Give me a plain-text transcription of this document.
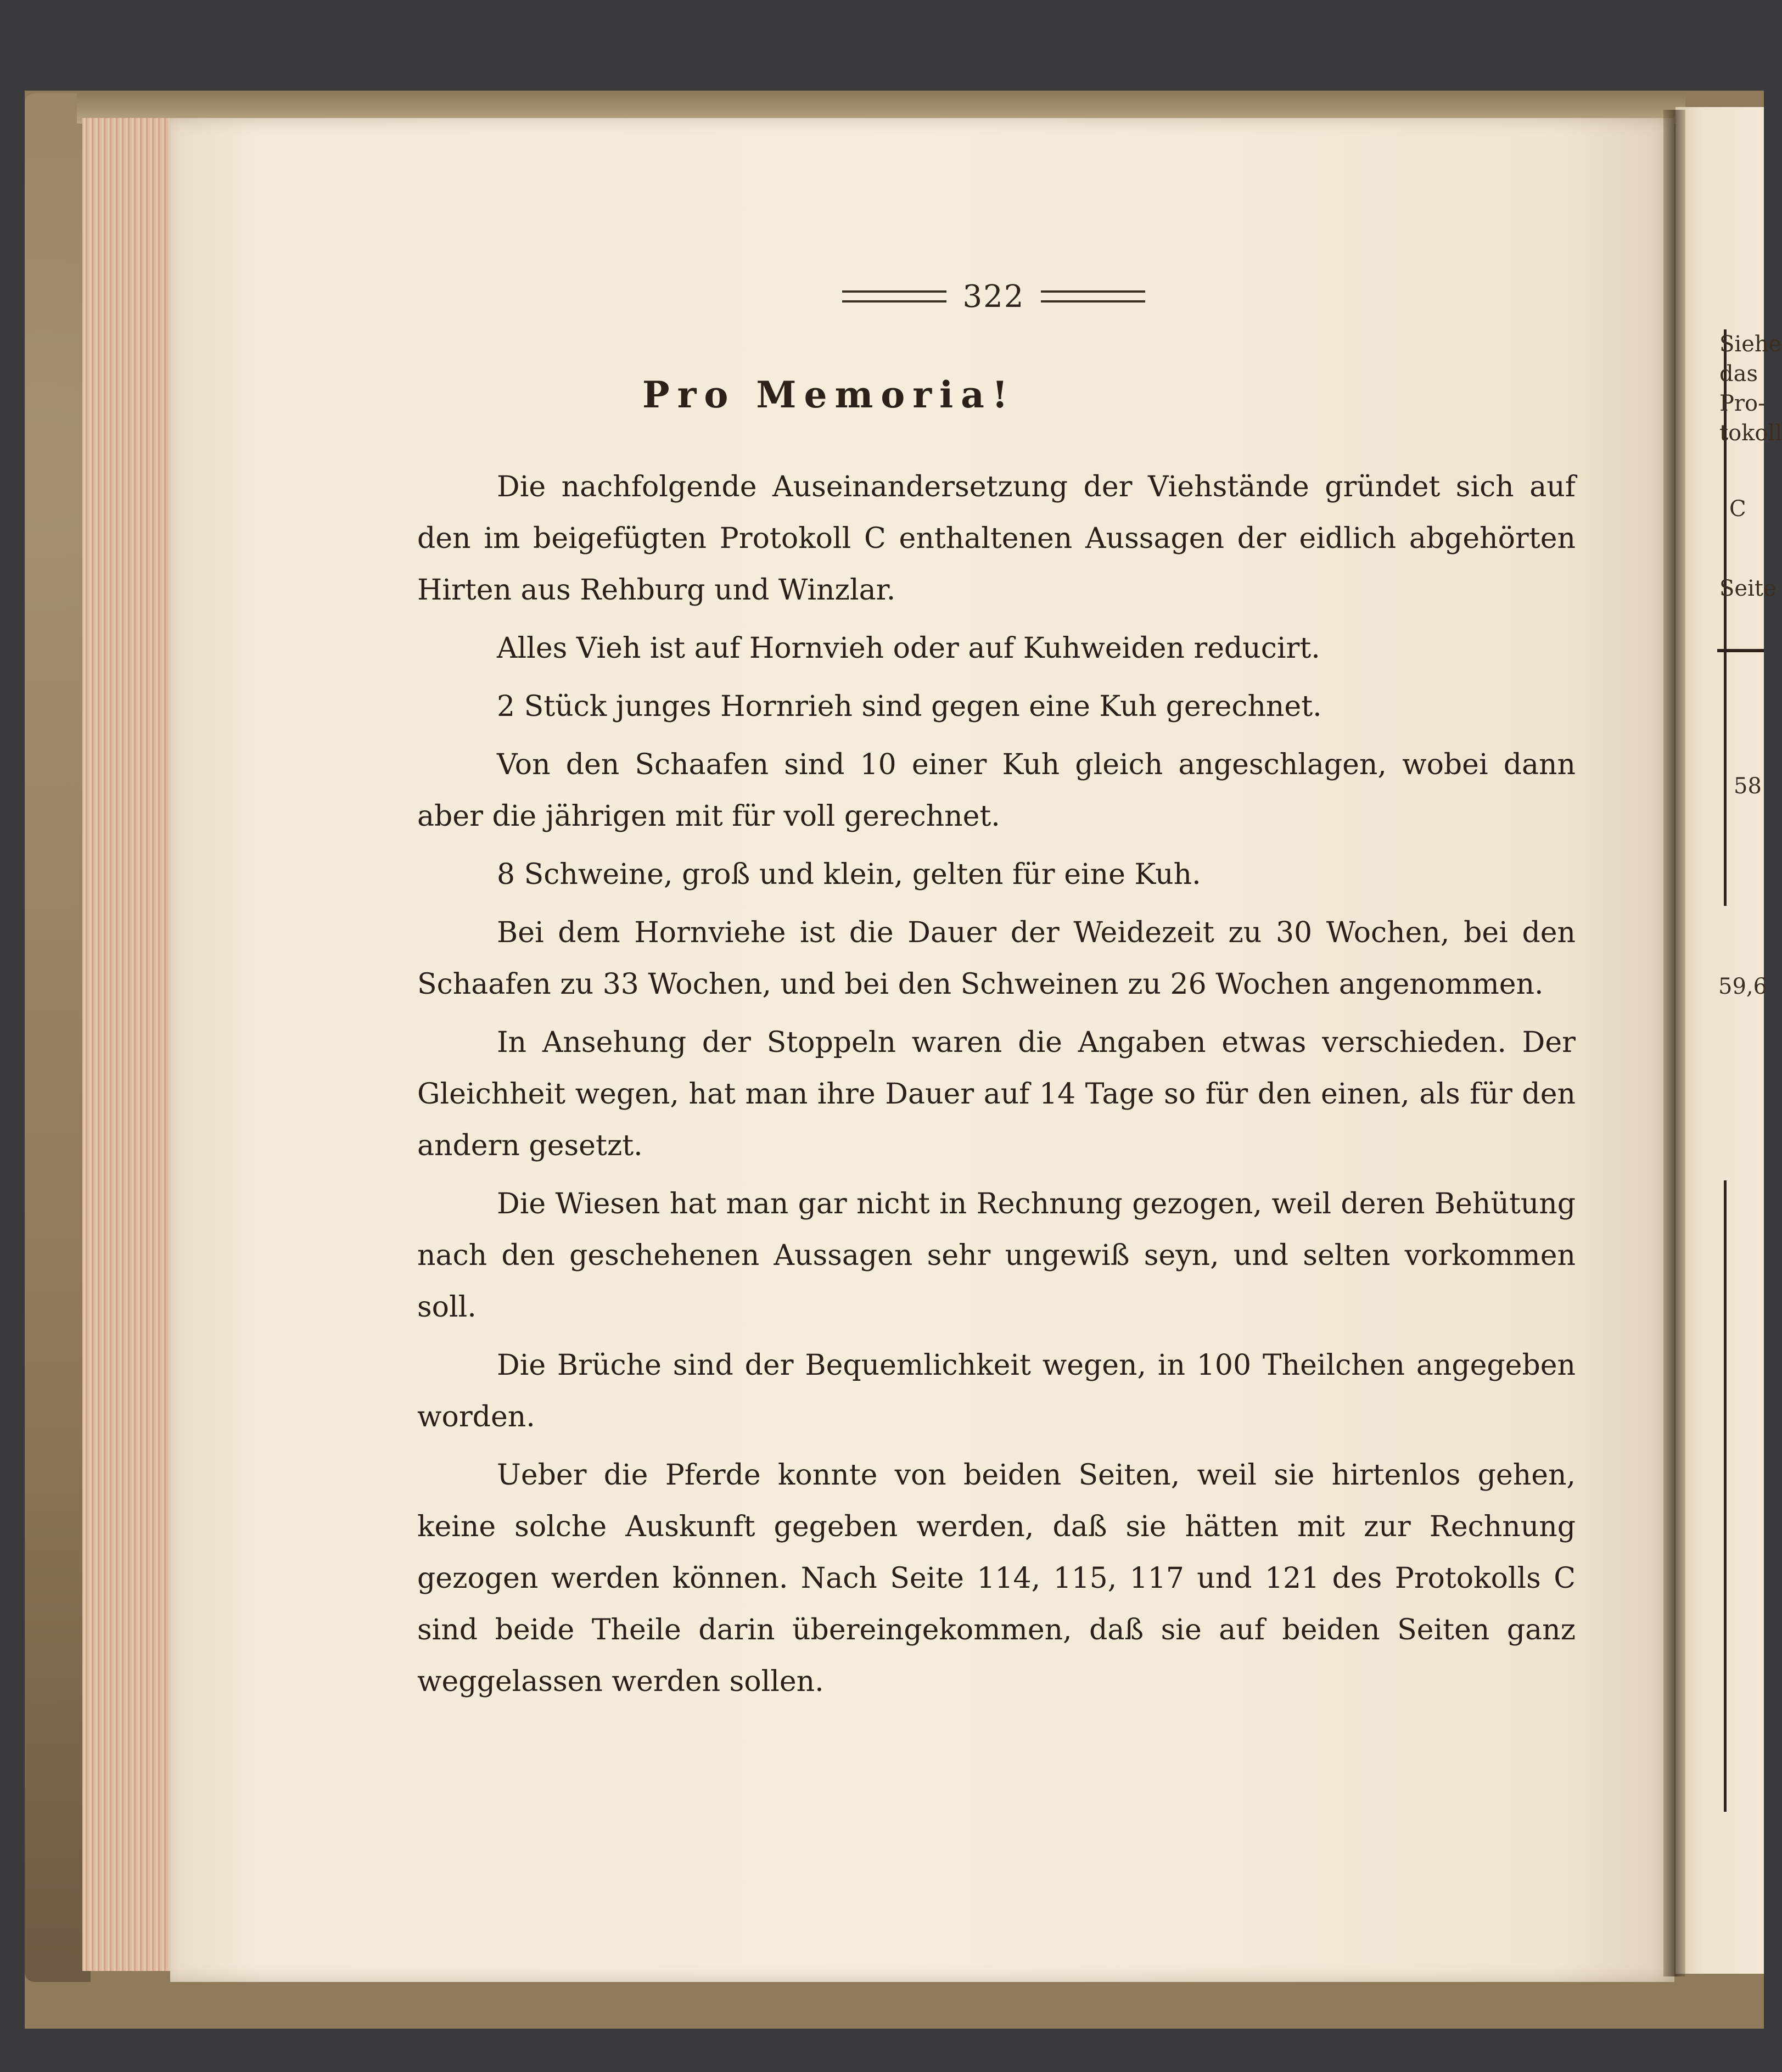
322
Pro Memoria!

Die nachfolgende Auseinandersetzung der Viehstände gründet sich auf den im beigefügten Protokoll C enthaltenen Aussagen der eidlich abgehörten Hirten aus Rehburg und Winzlar.

Alles Vieh ist auf Hornvieh oder auf Kuhweiden reducirt.

2 Stück junges Hornrieh sind gegen eine Kuh gerechnet.

Von den Schaafen sind 10 einer Kuh gleich angeschlagen, wobei dann aber die jährigen mit für voll gerechnet.

8 Schweine, groß und klein, gelten für eine Kuh.

Bei dem Hornviehe ist die Dauer der Weidezeit zu 30 Wochen, bei den Schaafen zu 33 Wochen, und bei den Schweinen zu 26 Wochen angenommen.

In Ansehung der Stoppeln waren die Angaben etwas verschieden. Der Gleichheit wegen, hat man ihre Dauer auf 14 Tage so für den einen, als für den andern gesetzt.

Die Wiesen hat man gar nicht in Rechnung gezogen, weil deren Behütung nach den geschehenen Aussagen sehr ungewiß seyn, und selten vorkommen soll.

Die Brüche sind der Bequemlichkeit wegen, in 100 Theilchen angegeben worden.

Ueber die Pferde konnte von beiden Seiten, weil sie hirtenlos gehen, keine solche Auskunft gegeben werden, daß sie hätten mit zur Rechnung gezogen werden können. Nach Seite 114, 115, 117 und 121 des Protokolls C sind beide Theile darin übereingekommen, daß sie auf beiden Seiten ganz weggelassen werden sollen.

Siehe das Pro-tokoll
C
Seite
58
59,6
